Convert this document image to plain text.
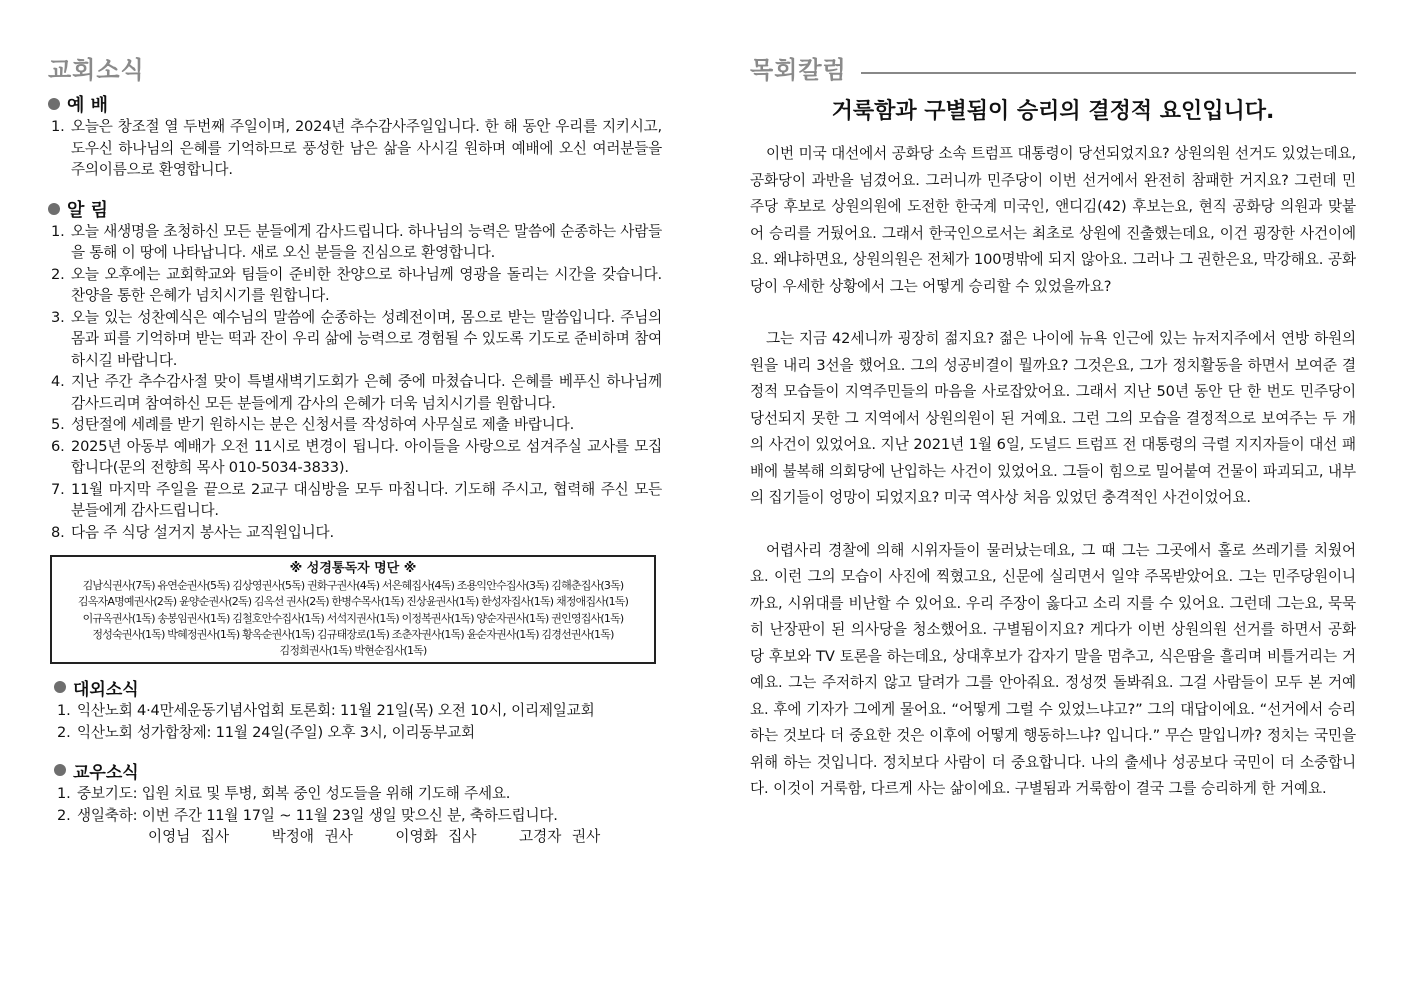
교회소식
예 배
1. 오늘은 창조절 열 두번째 주일이며, 2024년 추수감사주일입니다. 한 해 동안 우리를 지키시고, 도우신 하나님의 은혜를 기억하므로 풍성한 남은 삶을 사시길 원하며 예배에 오신 여러분들을 주의이름으로 환영합니다.
알 림
1. 오늘 새생명을 초청하신 모든 분들에게 감사드립니다. 하나님의 능력은 말씀에 순종하는 사람들을 통해 이 땅에 나타납니다. 새로 오신 분들을 진심으로 환영합니다.
2. 오늘 오후에는 교회학교와 팀들이 준비한 찬양으로 하나님께 영광을 돌리는 시간을 갖습니다. 찬양을 통한 은혜가 넘치시기를 원합니다.
3. 오늘 있는 성찬예식은 예수님의 말씀에 순종하는 성례전이며, 몸으로 받는 말씀입니다. 주님의 몸과 피를 기억하며 받는 떡과 잔이 우리 삶에 능력으로 경험될 수 있도록 기도로 준비하며 참여하시길 바랍니다.
4. 지난 주간 추수감사절 맞이 특별새벽기도회가 은혜 중에 마쳤습니다. 은혜를 베푸신 하나님께 감사드리며 참여하신 모든 분들에게 감사의 은혜가 더욱 넘치시기를 원합니다.
5. 성탄절에 세례를 받기 원하시는 분은 신청서를 작성하여 사무실로 제출 바랍니다.
6. 2025년 아동부 예배가 오전 11시로 변경이 됩니다. 아이들을 사랑으로 섬겨주실 교사를 모집합니다(문의 전향희 목사 010-5034-3833).
7. 11월 마지막 주일을 끝으로 2교구 대심방을 모두 마칩니다. 기도해 주시고, 협력해 주신 모든 분들에게 감사드립니다.
8. 다음 주 식당 설거지 봉사는 교직원입니다.
※ 성경통독자 명단 ※
김남식권사(7독) 유연순권사(5독) 김상영권사(5독) 권화구권사(4독) 서은혜집사(4독) 조용익안수집사(3독) 김해춘집사(3독)
김옥자A명예권사(2독) 윤양순권사(2독) 김옥선 권사(2독) 한병수목사(1독) 진상윤권사(1독) 한성자집사(1독) 채정애집사(1독)
이규옥권사(1독) 송봉임권사(1독) 김철호안수집사(1독) 서석지권사(1독) 이정복권사(1독) 양순자권사(1독) 권인영집사(1독)
정성숙권사(1독) 박혜정권사(1독) 황옥순권사(1독) 김규태장로(1독) 조춘자권사(1독) 윤순자권사(1독) 김경선권사(1독)
김정희권사(1독) 박현순집사(1독)
대외소식
1. 익산노회 4·4만세운동기념사업회 토론회: 11월 21일(목) 오전 10시, 이리제일교회
2. 익산노회 성가합창제: 11월 24일(주일) 오후 3시, 이리동부교회
교우소식
1. 중보기도: 입원 치료 및 투병, 회복 중인 성도들을 위해 기도해 주세요.
2. 생일축하: 이번 주간 11월 17일 ~ 11월 23일 생일 맞으신 분, 축하드립니다.
이영님 집사    박정애 권사    이영화 집사    고경자 권사
목회칼럼
거룩함과 구별됨이 승리의 결정적 요인입니다.

이번 미국 대선에서 공화당 소속 트럼프 대통령이 당선되었지요? 상원의원 선거도 있었는데요, 공화당이 과반을 넘겼어요. 그러니까 민주당이 이번 선거에서 완전히 참패한 거지요? 그런데 민주당 후보로 상원의원에 도전한 한국계 미국인, 앤디김(42) 후보는요, 현직 공화당 의원과 맞붙어 승리를 거뒀어요. 그래서 한국인으로서는 최초로 상원에 진출했는데요, 이건 굉장한 사건이에요. 왜냐하면요, 상원의원은 전체가 100명밖에 되지 않아요. 그러나 그 권한은요, 막강해요. 공화당이 우세한 상황에서 그는 어떻게 승리할 수 있었을까요?

그는 지금 42세니까 굉장히 젊지요? 젊은 나이에 뉴욕 인근에 있는 뉴저지주에서 연방 하원의원을 내리 3선을 했어요. 그의 성공비결이 뭘까요? 그것은요, 그가 정치활동을 하면서 보여준 결정적 모습들이 지역주민들의 마음을 사로잡았어요. 그래서 지난 50년 동안 단 한 번도 민주당이 당선되지 못한 그 지역에서 상원의원이 된 거예요. 그런 그의 모습을 결정적으로 보여주는 두 개의 사건이 있었어요. 지난 2021년 1월 6일, 도널드 트럼프 전 대통령의 극렬 지지자들이 대선 패배에 불복해 의회당에 난입하는 사건이 있었어요. 그들이 힘으로 밀어붙여 건물이 파괴되고, 내부의 집기들이 엉망이 되었지요? 미국 역사상 처음 있었던 충격적인 사건이었어요.

어렵사리 경찰에 의해 시위자들이 물러났는데요, 그 때 그는 그곳에서 홀로 쓰레기를 치웠어요. 이런 그의 모습이 사진에 찍혔고요, 신문에 실리면서 일약 주목받았어요. 그는 민주당원이니까요, 시위대를 비난할 수 있어요. 우리 주장이 옳다고 소리 지를 수 있어요. 그런데 그는요, 묵묵히 난장판이 된 의사당을 청소했어요. 구별됨이지요? 게다가 이번 상원의원 선거를 하면서 공화당 후보와 TV 토론을 하는데요, 상대후보가 갑자기 말을 멈추고, 식은땀을 흘리며 비틀거리는 거예요. 그는 주저하지 않고 달려가 그를 안아줘요. 정성껏 돌봐줘요. 그걸 사람들이 모두 본 거예요. 후에 기자가 그에게 물어요. “어떻게 그럴 수 있었느냐고?” 그의 대답이에요. “선거에서 승리하는 것보다 더 중요한 것은 이후에 어떻게 행동하느냐? 입니다.” 무슨 말입니까? 정치는 국민을 위해 하는 것입니다. 정치보다 사람이 더 중요합니다. 나의 출세나 성공보다 국민이 더 소중합니다. 이것이 거룩함, 다르게 사는 삶이에요. 구별됨과 거룩함이 결국 그를 승리하게 한 거예요.
